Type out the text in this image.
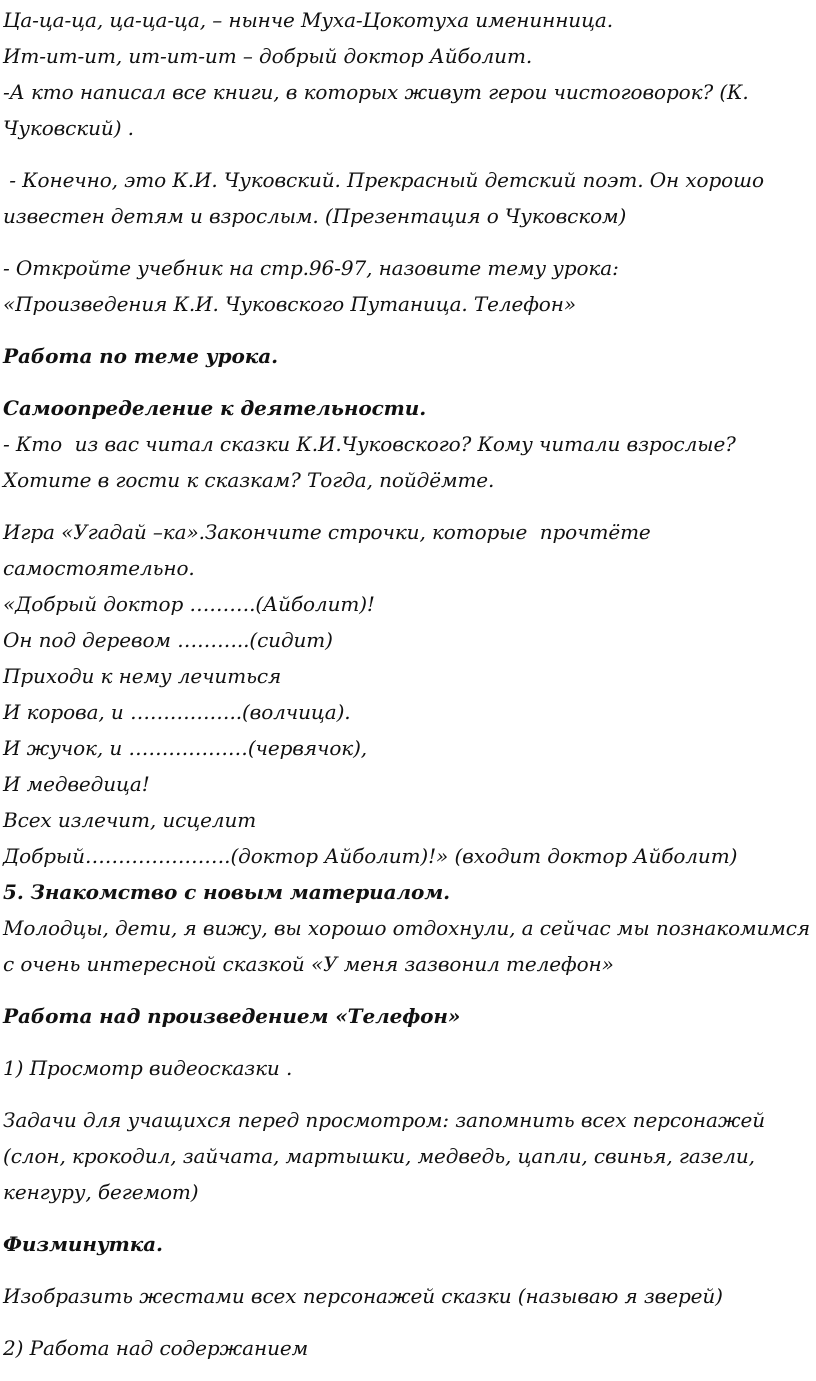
Ца-ца-ца, ца-ца-ца, – нынче Муха-Цокотуха именинница.
Ит-ит-ит, ит-ит-ит – добрый доктор Айболит.
-А кто написал все книги, в которых живут герои чистоговорок? (К.
Чуковский) .
- Конечно, это К.И. Чуковский. Прекрасный детский поэт. Он хорошо
известен детям и взрослым. (Презентация о Чуковском)
- Откройте учебник на стр.96-97, назовите тему урока:
«Произведения К.И. Чуковского Путаница. Телефон»
Работа по теме урока.
Самоопределение к деятельности.
- Кто  из вас читал сказки К.И.Чуковского? Кому читали взрослые?
Хотите в гости к сказкам? Тогда, пойдёмте.
Игра «Угадай –ка».Закончите строчки, которые  прочтёте
самостоятельно.
«Добрый доктор ……….(Айболит)!
Он под деревом ………..(сидит)
Приходи к нему лечиться
И корова, и ……………..(волчица).
И жучок, и ………………(червячок),
И медведица!
Всех излечит, исцелит
Добрый………………….(доктор Айболит)!» (входит доктор Айболит)
5. Знакомство с новым материалом.
Молодцы, дети, я вижу, вы хорошо отдохнули, а сейчас мы познакомимся
с очень интересной сказкой «У меня зазвонил телефон»
Работа над произведением «Телефон»
1) Просмотр видеосказки .
Задачи для учащихся перед просмотром: запомнить всех персонажей
(слон, крокодил, зайчата, мартышки, медведь, цапли, свинья, газели,
кенгуру, бегемот)
Физминутка.
Изобразить жестами всех персонажей сказки (называю я зверей)
2) Работа над содержанием
